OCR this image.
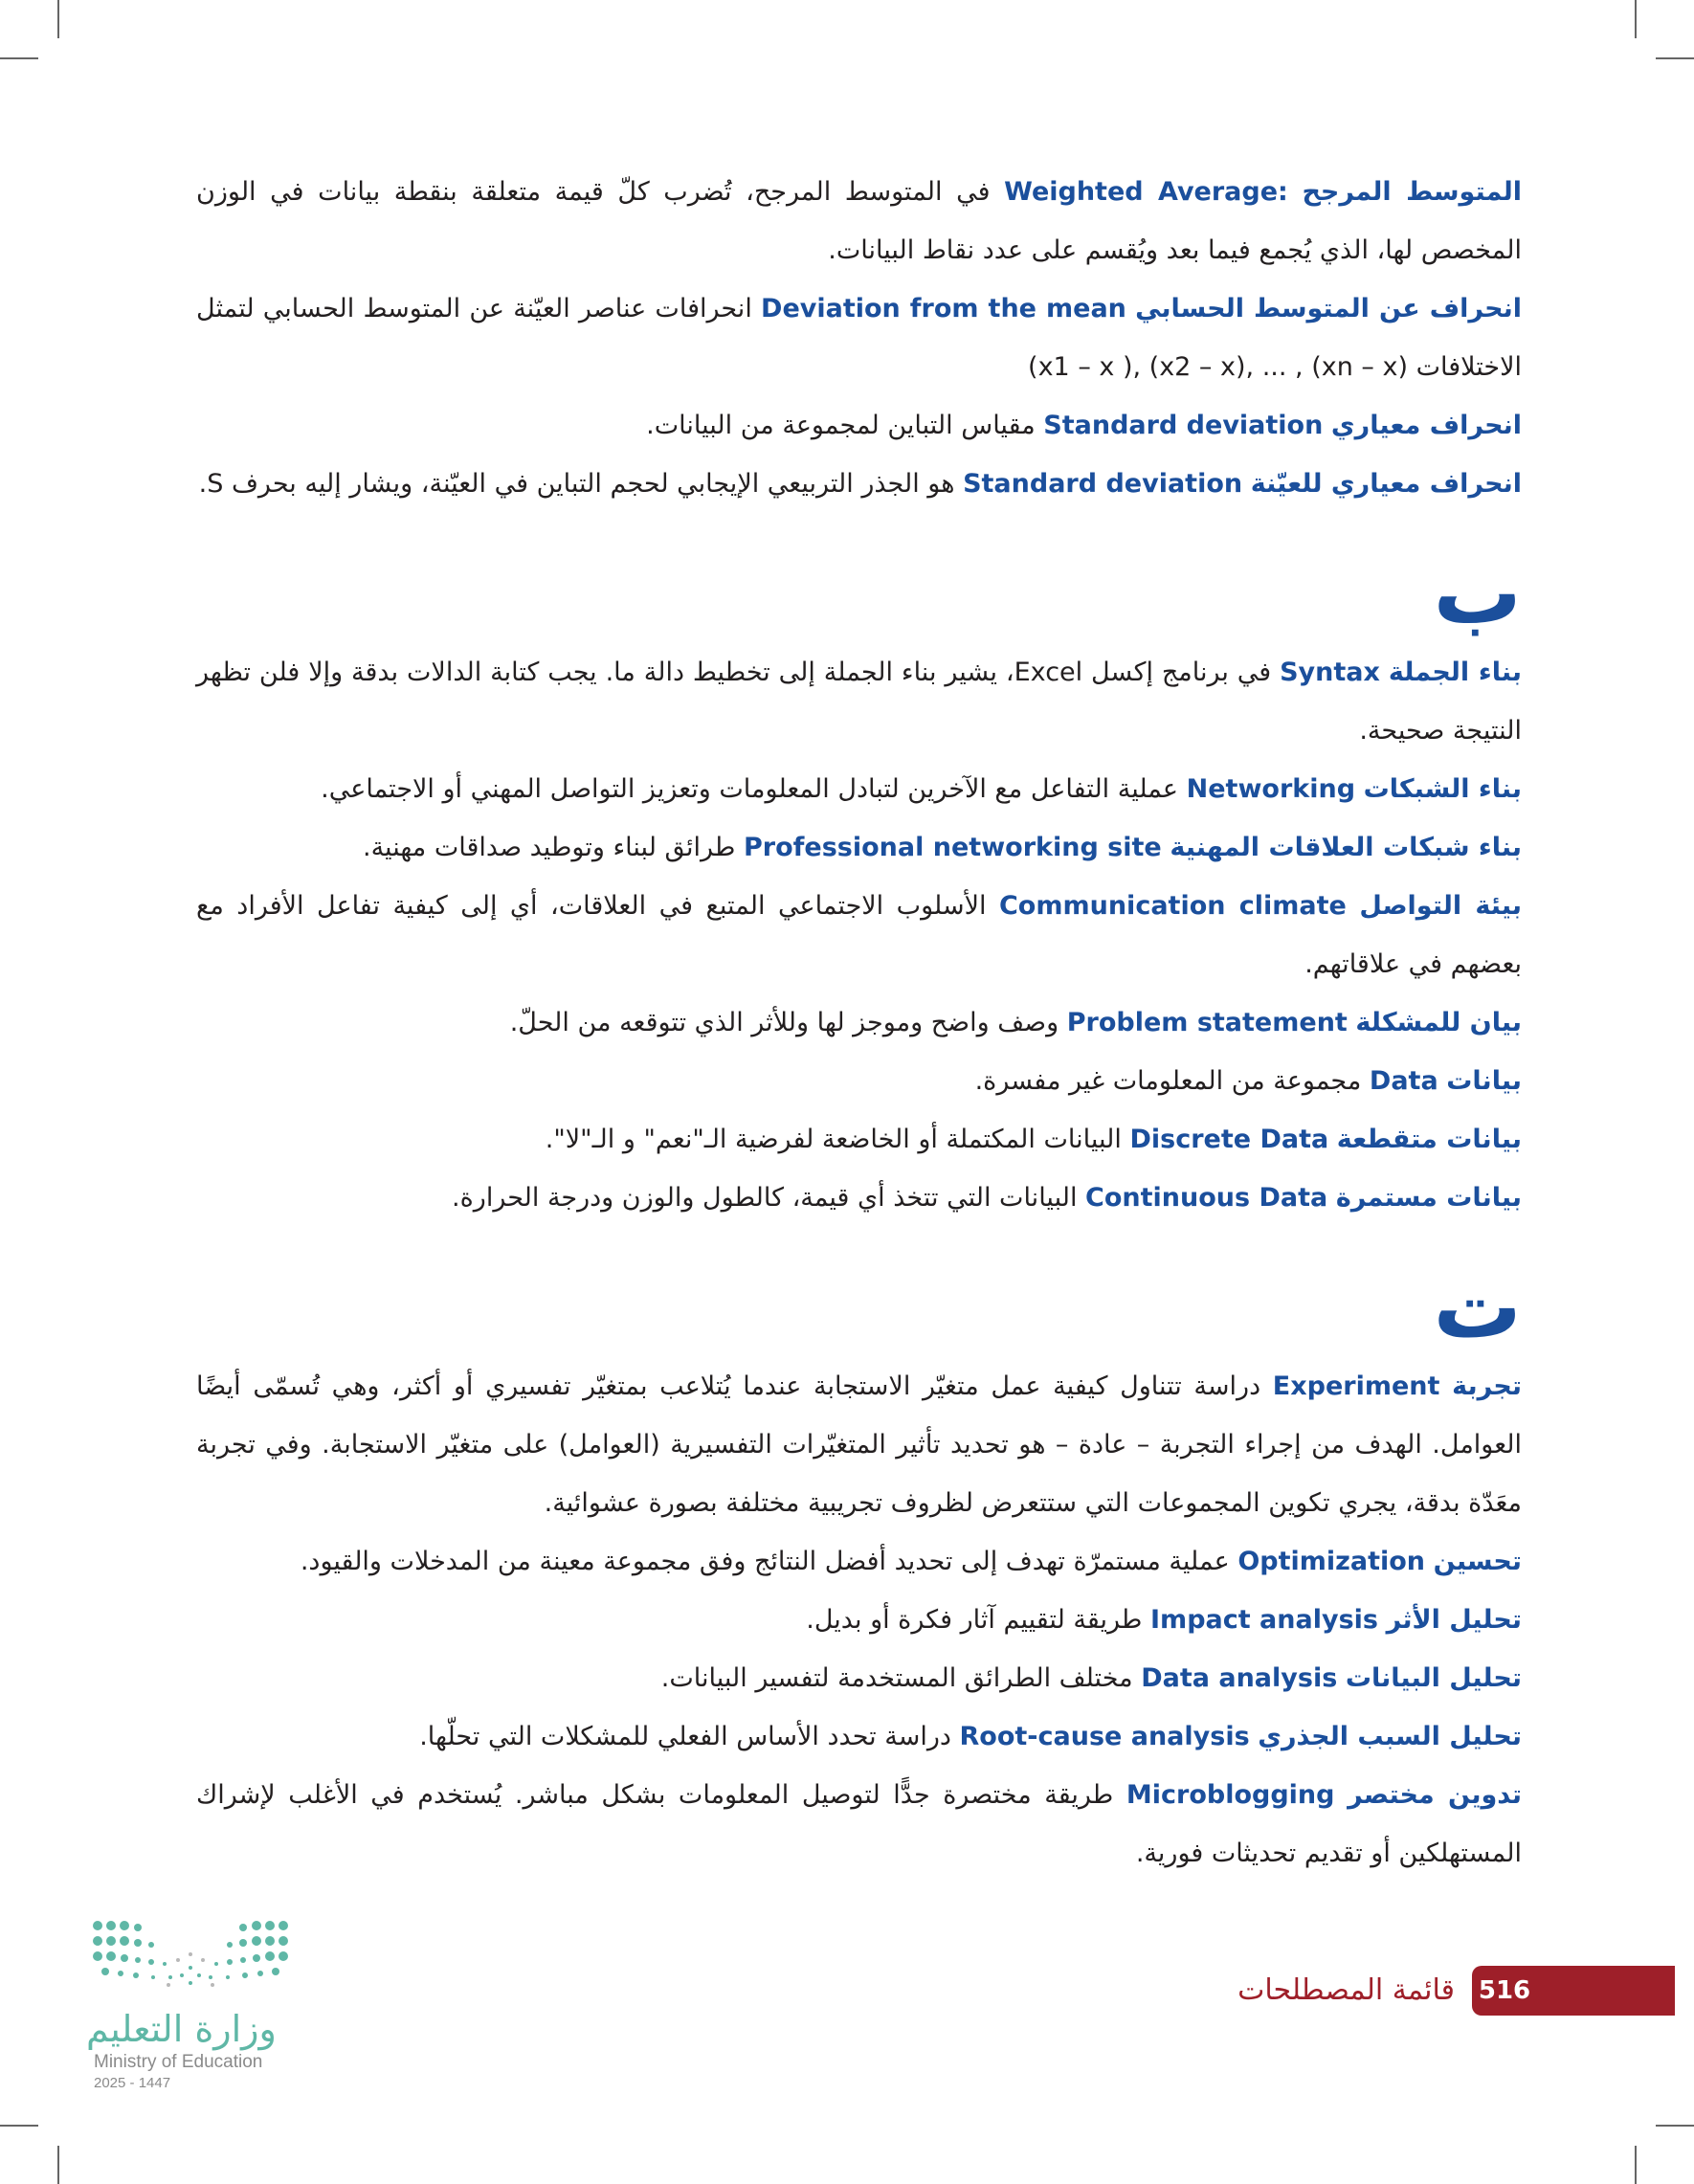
المتوسط المرجح Weighted Average: في المتوسط المرجح، تُضرب كلّ قيمة متعلقة بنقطة بيانات في الوزن المخصص لها، الذي يُجمع فيما بعد ويُقسم على عدد نقاط البيانات.

انحراف عن المتوسط الحسابي Deviation from the mean انحرافات عناصر العيّنة عن المتوسط الحسابي لتمثل الاختلافات (x1 – x ), (x2 – x), ... , (xn – x)

انحراف معياري Standard deviation مقياس التباين لمجموعة من البيانات.

انحراف معياري للعيّنة Standard deviation هو الجذر التربيعي الإيجابي لحجم التباين في العيّنة، ويشار إليه بحرف S.

ب

بناء الجملة Syntax في برنامج إكسل Excel، يشير بناء الجملة إلى تخطيط دالة ما. يجب كتابة الدالات بدقة وإلا فلن تظهر النتيجة صحيحة.

بناء الشبكات Networking عملية التفاعل مع الآخرين لتبادل المعلومات وتعزيز التواصل المهني أو الاجتماعي.

بناء شبكات العلاقات المهنية Professional networking site طرائق لبناء وتوطيد صداقات مهنية.

بيئة التواصل Communication climate الأسلوب الاجتماعي المتبع في العلاقات، أي إلى كيفية تفاعل الأفراد مع بعضهم في علاقاتهم.

بيان للمشكلة Problem statement وصف واضح وموجز لها وللأثر الذي تتوقعه من الحلّ.

بيانات Data مجموعة من المعلومات غير مفسرة.

بيانات متقطعة Discrete Data البيانات المكتملة أو الخاضعة لفرضية الـ"نعم" و الـ"لا".

بيانات مستمرة Continuous Data البيانات التي تتخذ أي قيمة، كالطول والوزن ودرجة الحرارة.

ت

تجربة Experiment دراسة تتناول كيفية عمل متغيّر الاستجابة عندما يُتلاعب بمتغيّر تفسيري أو أكثر، وهي تُسمّى أيضًا العوامل. الهدف من إجراء التجربة – عادة – هو تحديد تأثير المتغيّرات التفسيرية (العوامل) على متغيّر الاستجابة. وفي تجربة معَدّة بدقة، يجري تكوين المجموعات التي ستتعرض لظروف تجريبية مختلفة بصورة عشوائية.

تحسين Optimization عملية مستمرّة تهدف إلى تحديد أفضل النتائج وفق مجموعة معينة من المدخلات والقيود.

تحليل الأثر Impact analysis طريقة لتقييم آثار فكرة أو بديل.

تحليل البيانات Data analysis مختلف الطرائق المستخدمة لتفسير البيانات.

تحليل السبب الجذري Root-cause analysis دراسة تحدد الأساس الفعلي للمشكلات التي تحلّها.

تدوين مختصر Microblogging طريقة مختصرة جدًّا لتوصيل المعلومات بشكل مباشر. يُستخدم في الأغلب لإشراك المستهلكين أو تقديم تحديثات فورية.

516
قائمة المصطلحات
وزارة التعليم
Ministry of Education
2025 - 1447
